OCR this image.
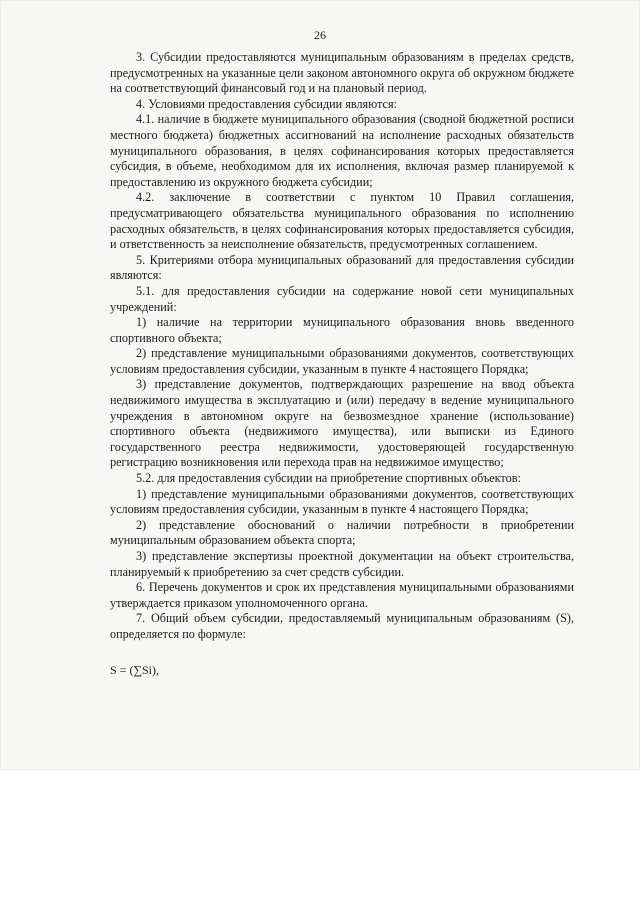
26

3. Субсидии предоставляются муниципальным образованиям в пределах средств, предусмотренных на указанные цели законом автономного округа об окружном бюджете на соответствующий финансовый год и на плановый период.

4. Условиями предоставления субсидии являются:

4.1. наличие в бюджете муниципального образования (сводной бюджетной росписи местного бюджета) бюджетных ассигнований на исполнение расходных обязательств муниципального образования, в целях софинансирования которых предоставляется субсидия, в объеме, необходимом для их исполнения, включая размер планируемой к предоставлению из окружного бюджета субсидии;

4.2. заключение в соответствии с пунктом 10 Правил соглашения, предусматривающего обязательства муниципального образования по исполнению расходных обязательств, в целях софинансирования которых предоставляется субсидия, и ответственность за неисполнение обязательств, предусмотренных соглашением.

5. Критериями отбора муниципальных образований для предоставления субсидии являются:

5.1. для предоставления субсидии на содержание новой сети муниципальных учреждений:

1) наличие на территории муниципального образования вновь введенного спортивного объекта;

2) представление муниципальными образованиями документов, соответствующих условиям предоставления субсидии, указанным в пункте 4 настоящего Порядка;

3) представление документов, подтверждающих разрешение на ввод объекта недвижимого имущества в эксплуатацию и (или) передачу в ведение муниципального учреждения в автономном округе на безвозмездное хранение (использование) спортивного объекта (недвижимого имущества), или выписки из Единого государственного реестра недвижимости, удостоверяющей государственную регистрацию возникновения или перехода прав на недвижимое имущество;

5.2. для предоставления субсидии на приобретение спортивных объектов:

1) представление муниципальными образованиями документов, соответствующих условиям предоставления субсидии, указанным в пункте 4 настоящего Порядка;

2) представление обоснований о наличии потребности в приобретении муниципальным образованием объекта спорта;

3) представление экспертизы проектной документации на объект строительства, планируемый к приобретению за счет средств субсидии.

6. Перечень документов и срок их представления муниципальными образованиями утверждается приказом уполномоченного органа.

7. Общий объем субсидии, предоставляемый муниципальным образованиям (S), определяется по формуле:

S = (∑Si),
